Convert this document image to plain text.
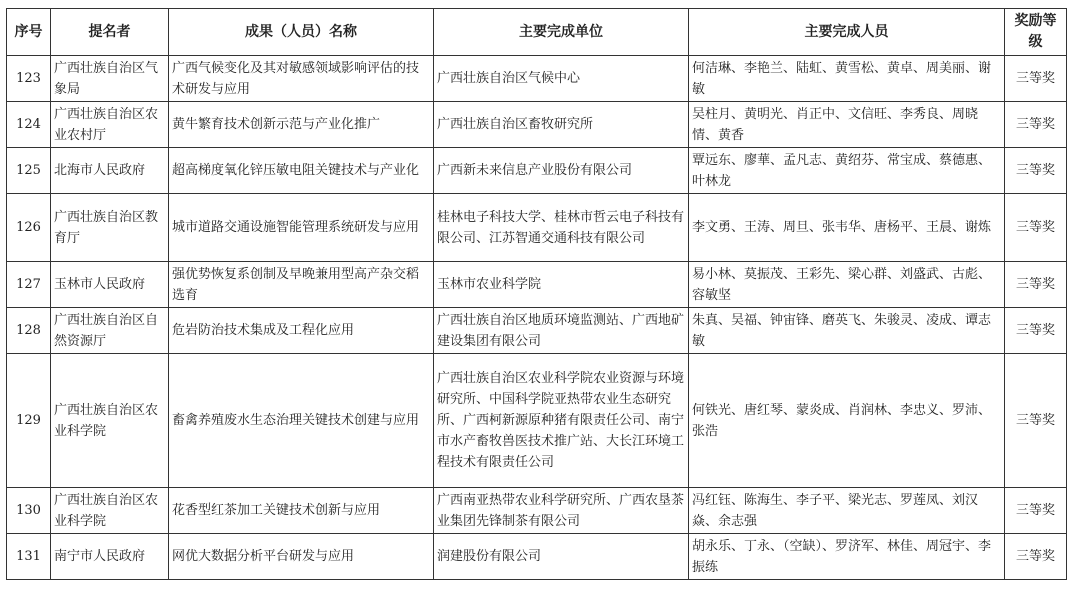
序号	提名者	成果（人员）名称	主要完成单位	主要完成人员	奖励等级
123	广西壮族自治区气象局	广西气候变化及其对敏感领域影响评估的技术研发与应用	广西壮族自治区气候中心	何洁琳、李艳兰、陆虹、黄雪松、黄卓、周美丽、谢敏	三等奖
124	广西壮族自治区农业农村厅	黄牛繁育技术创新示范与产业化推广	广西壮族自治区畜牧研究所	吴柱月、黄明光、肖正中、文信旺、李秀良、周晓情、黄香	三等奖
125	北海市人民政府	超高梯度氧化锌压敏电阻关键技术与产业化	广西新未来信息产业股份有限公司	覃远东、廖華、孟凡志、黄绍芬、常宝成、蔡德惠、叶林龙	三等奖
126	广西壮族自治区教育厅	城市道路交通设施智能管理系统研发与应用	桂林电子科技大学、桂林市哲云电子科技有限公司、江苏智通交通科技有限公司	李文勇、王涛、周旦、张韦华、唐杨平、王晨、谢炼	三等奖
127	玉林市人民政府	强优势恢复系创制及早晚兼用型高产杂交稻选育	玉林市农业科学院	易小林、莫振茂、王彩先、梁心群、刘盛武、古彪、容敏坚	三等奖
128	广西壮族自治区自然资源厅	危岩防治技术集成及工程化应用	广西壮族自治区地质环境监测站、广西地矿建设集团有限公司	朱真、吴福、钟宙锋、磨英飞、朱骏灵、凌成、谭志敏	三等奖
129	广西壮族自治区农业科学院	畜禽养殖废水生态治理关键技术创建与应用	广西壮族自治区农业科学院农业资源与环境研究所、中国科学院亚热带农业生态研究所、广西柯新源原种猪有限责任公司、南宁市水产畜牧兽医技术推广站、大长江环境工程技术有限责任公司	何铁光、唐红琴、蒙炎成、肖润林、李忠义、罗沛、张浩	三等奖
130	广西壮族自治区农业科学院	花香型红茶加工关键技术创新与应用	广西南亚热带农业科学研究所、广西农垦茶业集团先锋制茶有限公司	冯红钰、陈海生、李子平、梁光志、罗莲凤、刘汉焱、余志强	三等奖
131	南宁市人民政府	网优大数据分析平台研发与应用	润建股份有限公司	胡永乐、丁永、（空缺）、罗济军、林佳、周冠宇、李振练	三等奖
